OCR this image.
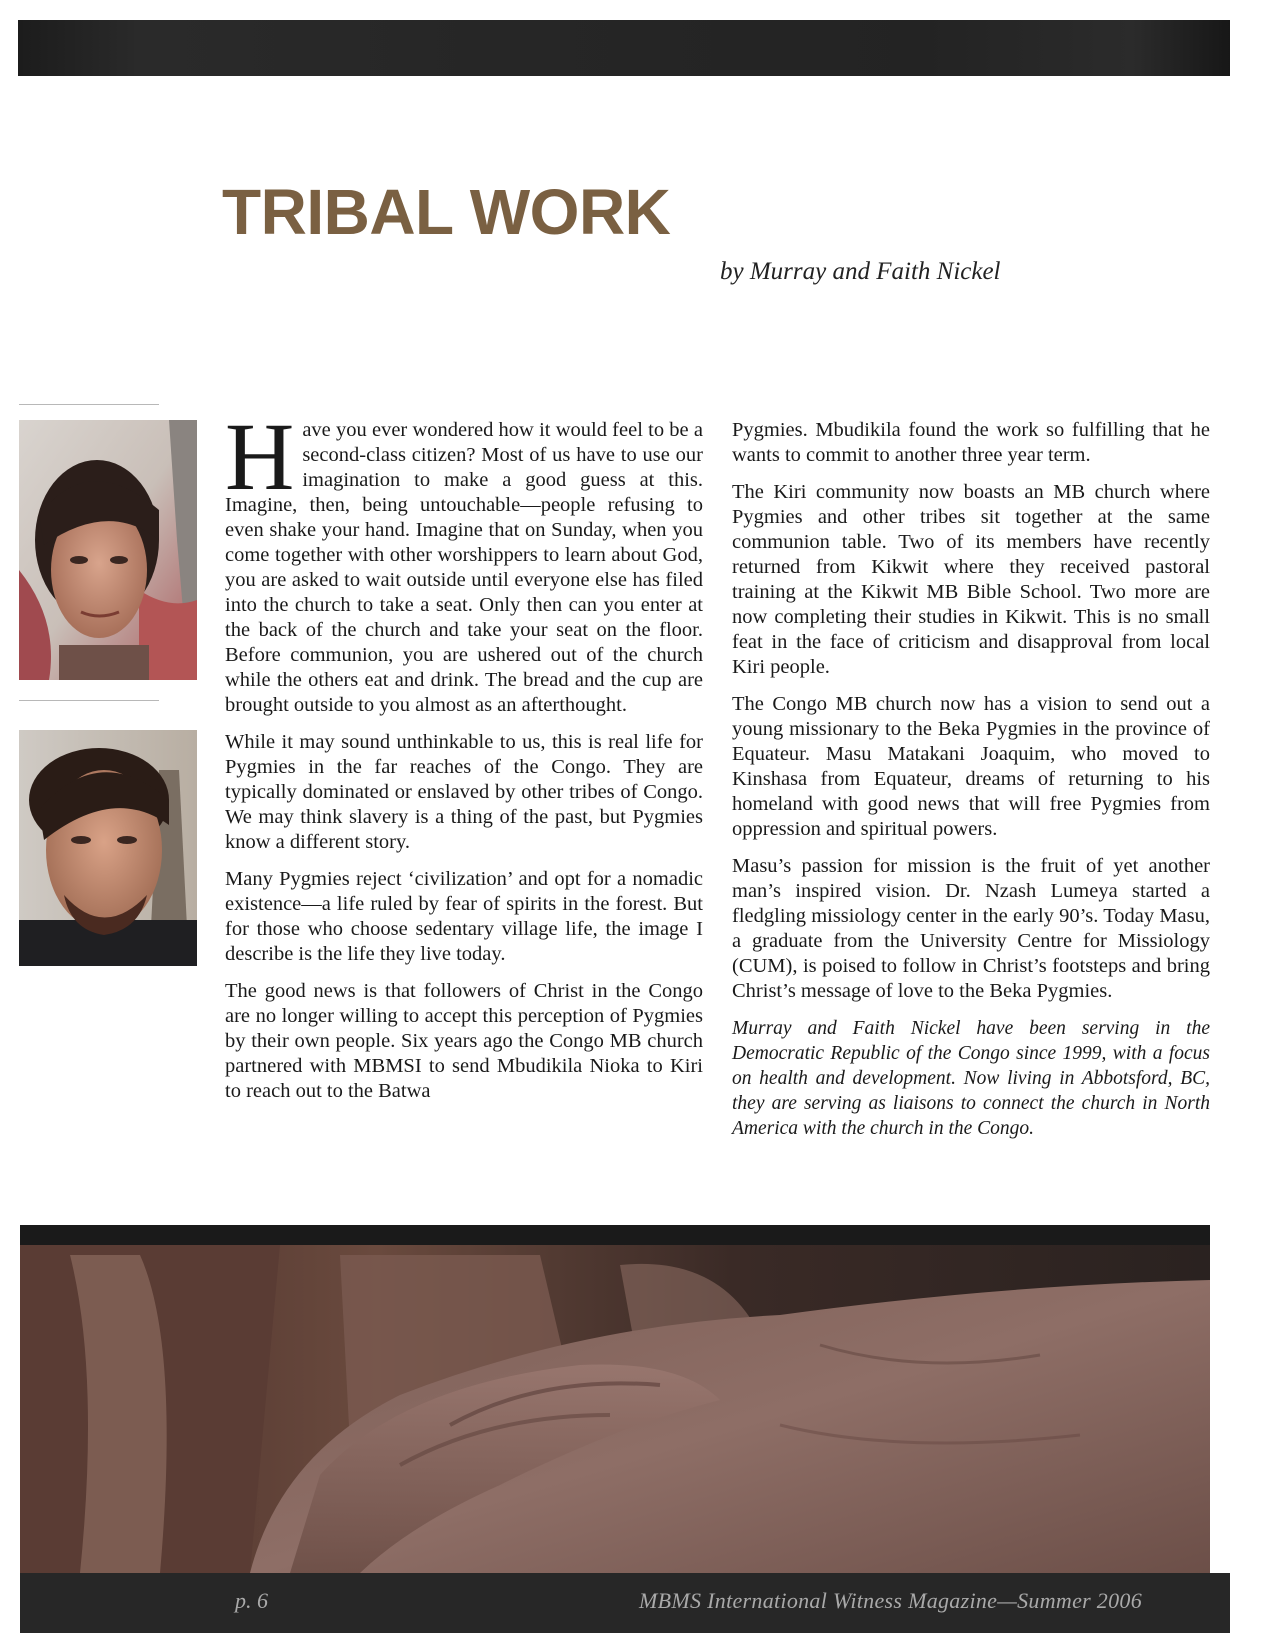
TRIBAL WORK
by Murray and Faith Nickel

Have you ever wondered how it would feel to be a second-class citizen? Most of us have to use our imagination to make a good guess at this. Imagine, then, being untouchable—people refusing to even shake your hand. Imagine that on Sunday, when you come together with other worshippers to learn about God, you are asked to wait outside until everyone else has filed into the church to take a seat. Only then can you enter at the back of the church and take your seat on the floor. Before communion, you are ushered out of the church while the others eat and drink. The bread and the cup are brought outside to you almost as an afterthought.

While it may sound unthinkable to us, this is real life for Pygmies in the far reaches of the Congo. They are typically dominated or enslaved by other tribes of Congo. We may think slavery is a thing of the past, but Pygmies know a different story.

Many Pygmies reject ‘civilization’ and opt for a nomadic existence—a life ruled by fear of spirits in the forest. But for those who choose sedentary village life, the image I describe is the life they live today.

The good news is that followers of Christ in the Congo are no longer willing to accept this perception of Pygmies by their own people. Six years ago the Congo MB church partnered with MBMSI to send Mbudikila Nioka to Kiri to reach out to the Batwa

Pygmies. Mbudikila found the work so fulfilling that he wants to commit to another three year term.

The Kiri community now boasts an MB church where Pygmies and other tribes sit together at the same communion table. Two of its members have recently returned from Kikwit where they received pastoral training at the Kikwit MB Bible School. Two more are now completing their studies in Kikwit. This is no small feat in the face of criticism and disapproval from local Kiri people.

The Congo MB church now has a vision to send out a young missionary to the Beka Pygmies in the province of Equateur. Masu Matakani Joaquim, who moved to Kinshasa from Equateur, dreams of returning to his homeland with good news that will free Pygmies from oppression and spiritual powers.

Masu’s passion for mission is the fruit of yet another man’s inspired vision. Dr. Nzash Lumeya started a fledgling missiology center in the early 90’s. Today Masu, a graduate from the University Centre for Missiology (CUM), is poised to follow in Christ’s footsteps and bring Christ’s message of love to the Beka Pygmies.

Murray and Faith Nickel have been serving in the Democratic Republic of the Congo since 1999, with a focus on health and development. Now living in Abbotsford, BC, they are serving as liaisons to connect the church in North America with the church in the Congo.

p. 6	MBMS International Witness Magazine—Summer 2006
